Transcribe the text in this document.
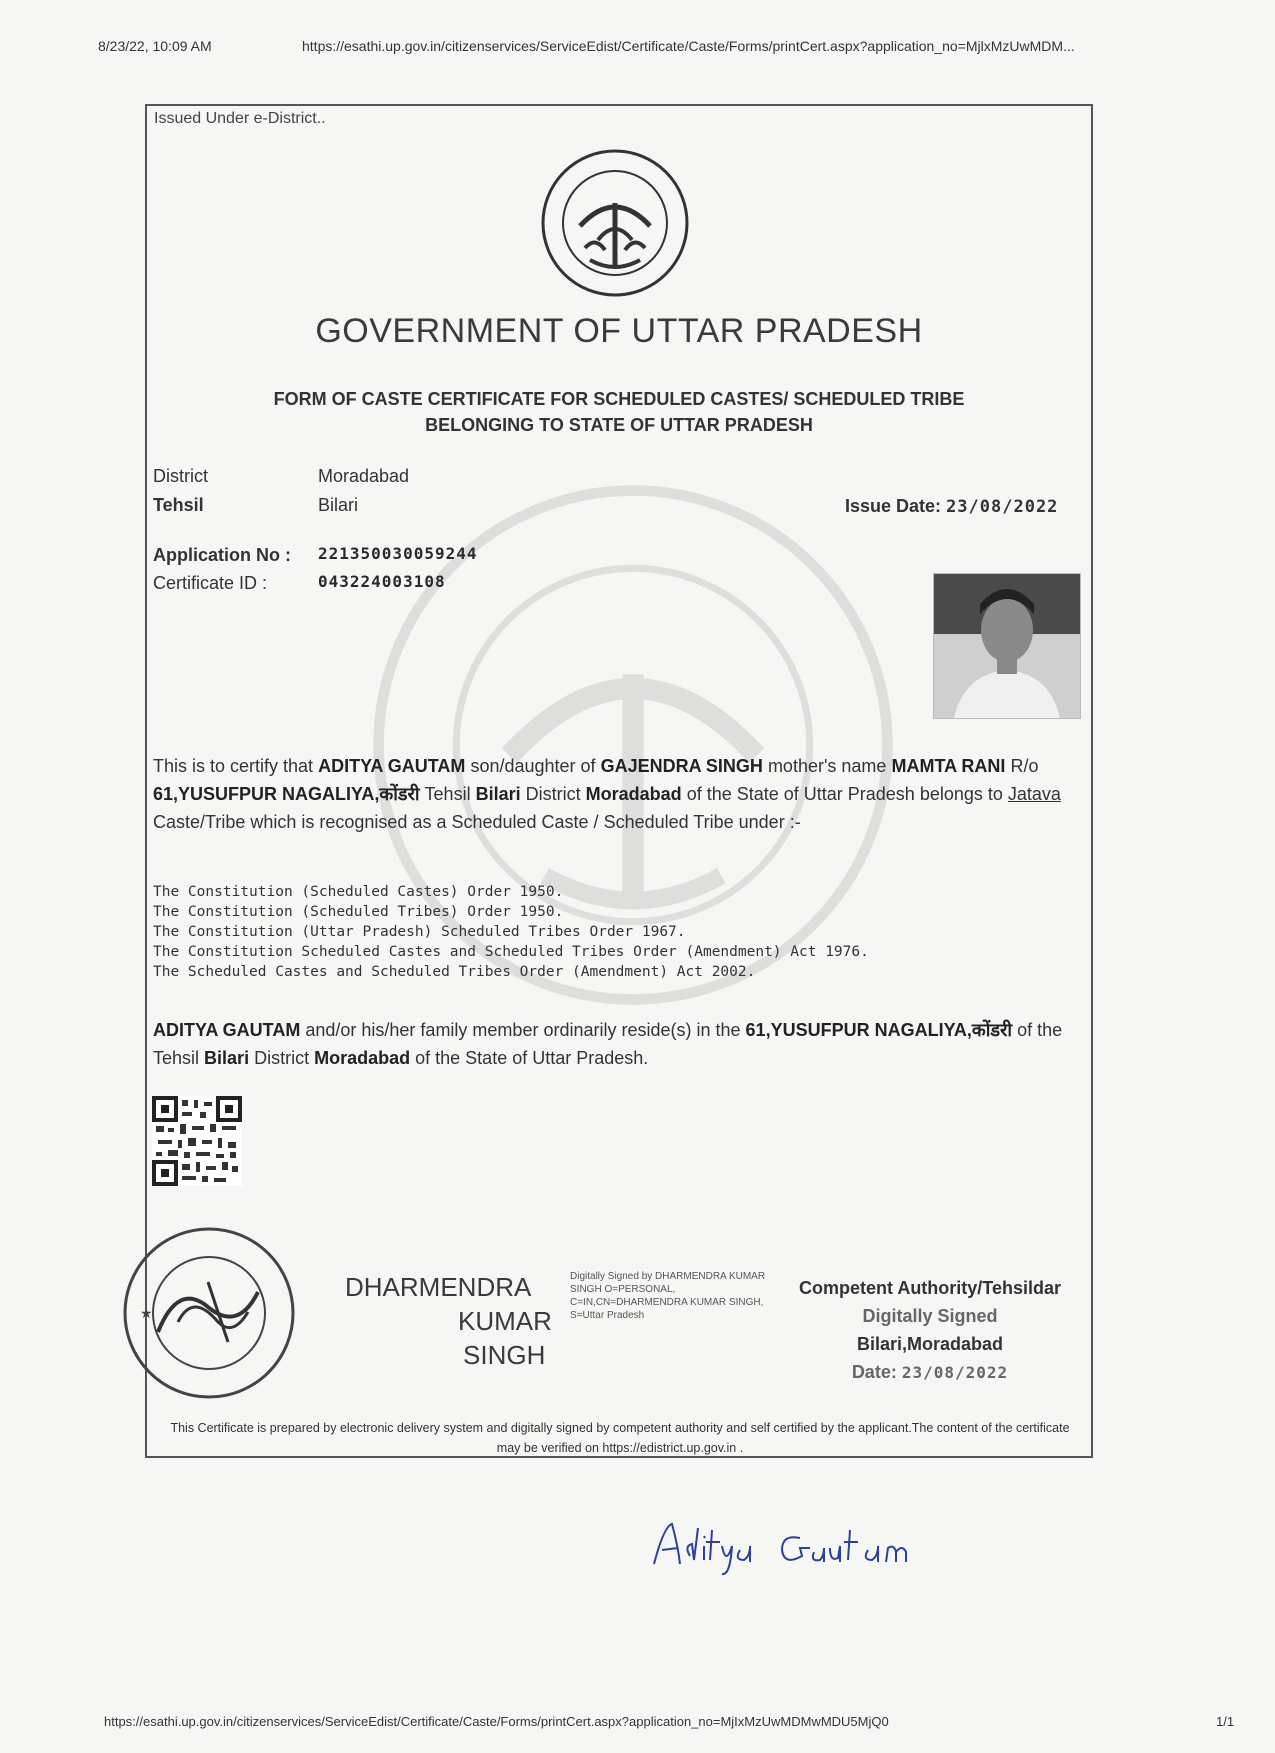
8/23/22, 10:09 AM	https://esathi.up.gov.in/citizenservices/ServiceEdist/Certificate/Caste/Forms/printCert.aspx?application_no=MjlxMzUwMDM...
Issued Under e-District..
GOVERNMENT OF UTTAR PRADESH
FORM OF CASTE CERTIFICATE FOR SCHEDULED CASTES/ SCHEDULED TRIBE
BELONGING TO STATE OF UTTAR PRADESH
District	Moradabad
Tehsil	Bilari	Issue Date: 23/08/2022
Application No : 221350030059244
Certificate ID :	043224003108
This is to certify that ADITYA GAUTAM son/daughter of GAJENDRA SINGH mother's name MAMTA RANI R/o 61,YUSUFPUR NAGALIYA,कोंडरी Tehsil Bilari District Moradabad of the State of Uttar Pradesh belongs to Jatava Caste/Tribe which is recognised as a Scheduled Caste / Scheduled Tribe under :-
The Constitution (Scheduled Castes) Order 1950.
The Constitution (Scheduled Tribes) Order 1950.
The Constitution (Uttar Pradesh) Scheduled Tribes Order 1967.
The Constitution Scheduled Castes and Scheduled Tribes Order (Amendment) Act 1976.
The Scheduled Castes and Scheduled Tribes Order (Amendment) Act 2002.
ADITYA GAUTAM and/or his/her family member ordinarily reside(s) in the 61,YUSUFPUR NAGALIYA,कोंडरी of the Tehsil Bilari District Moradabad of the State of Uttar Pradesh.
★
DHARMENDRA
KUMAR
SINGH
Digitally Signed by DHARMENDRA KUMAR SINGH O=PERSONAL, C=IN,CN=DHARMENDRA KUMAR SINGH, S=Uttar Pradesh
Competent Authority/Tehsildar
Digitally Signed
Bilari,Moradabad
Date: 23/08/2022
This Certificate is prepared by electronic delivery system and digitally signed by competent authority and self certified by the applicant.The content of the certificate may be verified on https://edistrict.up.gov.in .
https://esathi.up.gov.in/citizenservices/ServiceEdist/Certificate/Caste/Forms/printCert.aspx?application_no=MjIxMzUwMDMwMDU5MjQ0	1/1
